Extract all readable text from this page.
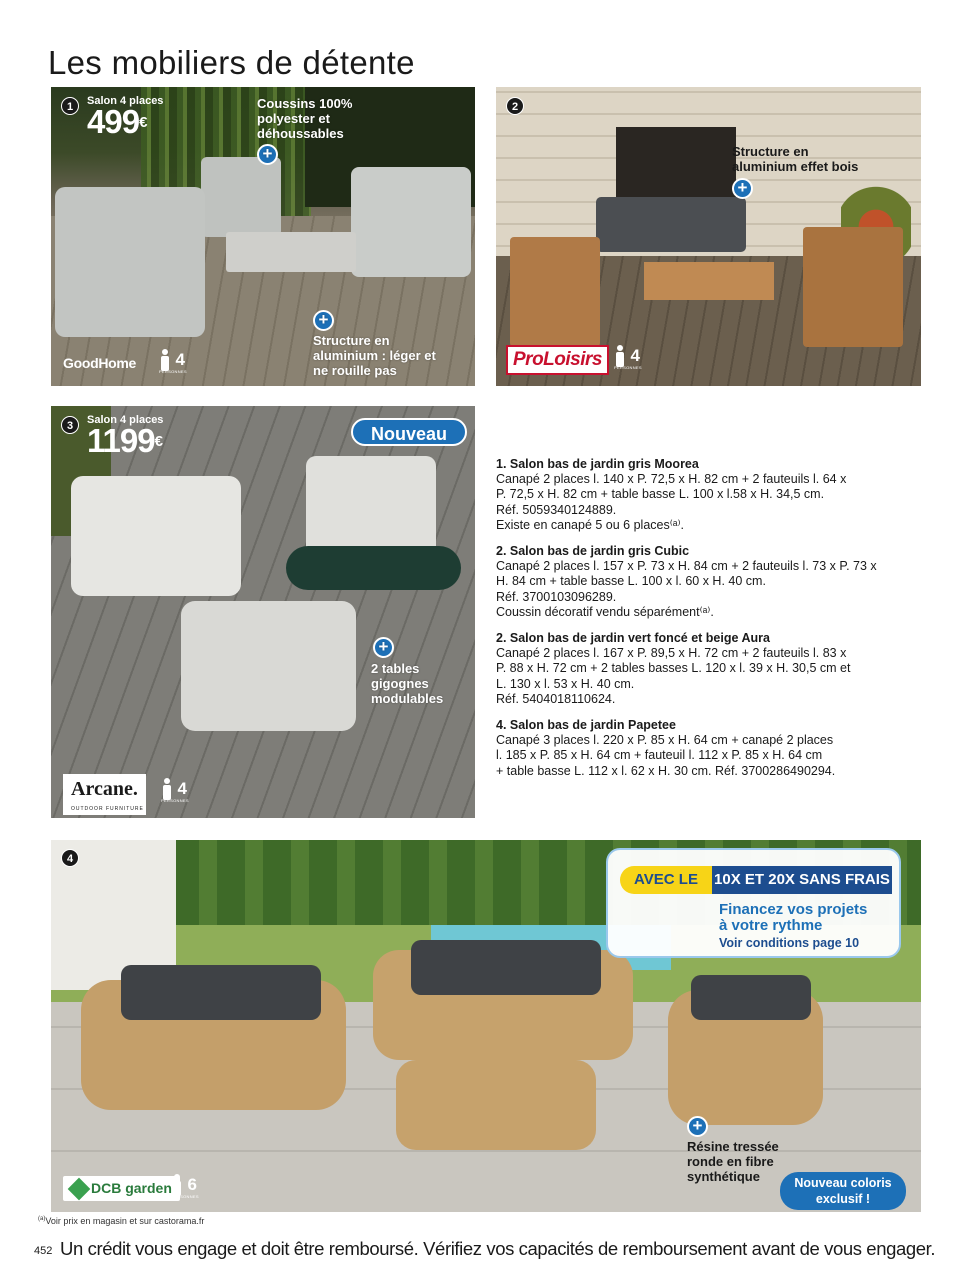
Les mobiliers de détente
1	Salon 4 places
499€
Coussins 100% polyester et déhoussables
+
+
Structure en aluminium : léger et ne rouille pas
GoodHome	4
PERSONNES
2
Structure en aluminium effet bois
+
ProLoisirs	4
PERSONNES
3	Salon 4 places
1199€
+
2 tables gigognes modulables
Arcane.
OUTDOOR FURNITURE
4
PERSONNES
Nouveau
1. Salon bas de jardin gris Moorea
Canapé 2 places l. 140 x P. 72,5 x H. 82 cm + 2 fauteuils l. 64 x
P. 72,5 x H. 82 cm + table basse L. 100 x l.58 x H. 34,5 cm.
Réf. 5059340124889.
Existe en canapé 5 ou 6 places⁽ᵃ⁾.
2. Salon bas de jardin gris Cubic
Canapé 2 places l. 157 x P. 73 x H. 84 cm + 2 fauteuils l. 73 x P. 73 x
H. 84 cm + table basse L. 100 x l. 60 x H. 40 cm.
Réf. 3700103096289.
Coussin décoratif vendu séparément⁽ᵃ⁾.
2. Salon bas de jardin vert foncé et beige Aura
Canapé 2 places l. 167 x P. 89,5 x H. 72 cm + 2 fauteuils l. 83 x
P. 88 x H. 72 cm + 2 tables basses L. 120 x l. 39 x H. 30,5 cm et
L. 130 x l. 53 x H. 40 cm.
Réf. 5404018110624.
4. Salon bas de jardin Papetee
Canapé 3 places l. 220 x P. 85 x H. 64 cm + canapé 2 places
l. 185 x P. 85 x H. 64 cm + fauteuil l. 112 x P. 85 x H. 64 cm
+ table basse L. 112 x l. 62 x H. 30 cm. Réf. 3700286490294.
4
+
Résine tressée ronde en fibre synthétique
DCB garden 6
PERSONNES
AVEC LE	10X ET 20X SANS FRAIS
Financez vos projets
à votre rythme
Voir conditions page 10
Nouveau coloris exclusif !
$^{(a)}$Voir prix en magasin et sur castorama.fr
452 Un crédit vous engage et doit être remboursé. Vérifiez vos capacités de remboursement avant de vous engager.
